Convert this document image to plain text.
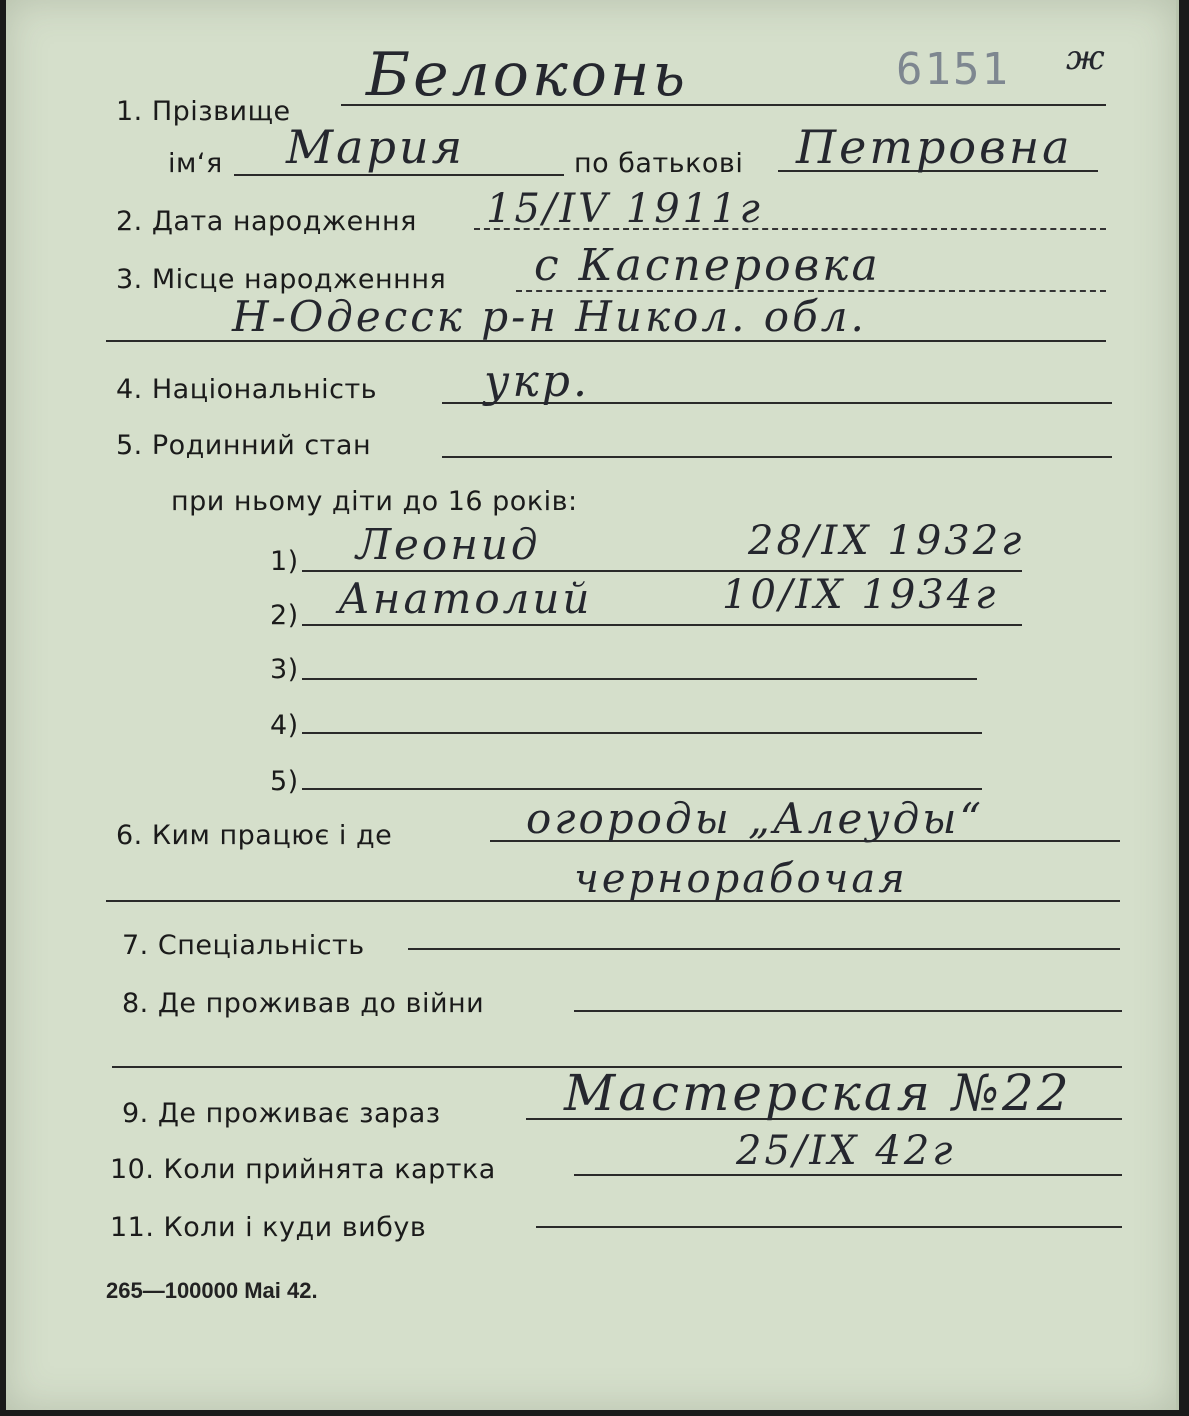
6151 ж
1. Прізвище
Белоконь
ім‘я Мария	по батькові Петровна
2. Дата народження 15/IV 1911г
3. Місце народженння с Касперовка
Н-Одесск р-н Никол. обл.
4. Національність укр.
5. Родинний стан
при ньому діти до 16 років:
1) Леонид	28/IX 1932г
2) Анатолий	10/IX 1934г
3)
4)
5)
6. Ким працює і де	огороды „Алеуды“
чернорабочая
7. Спеціальність
8. Де проживав до війни
9. Де проживає зараз Мастерская №22
10. Коли прийнята картка	25/IX 42г
11. Коли і куди вибув
265—100000 Mai 42.
